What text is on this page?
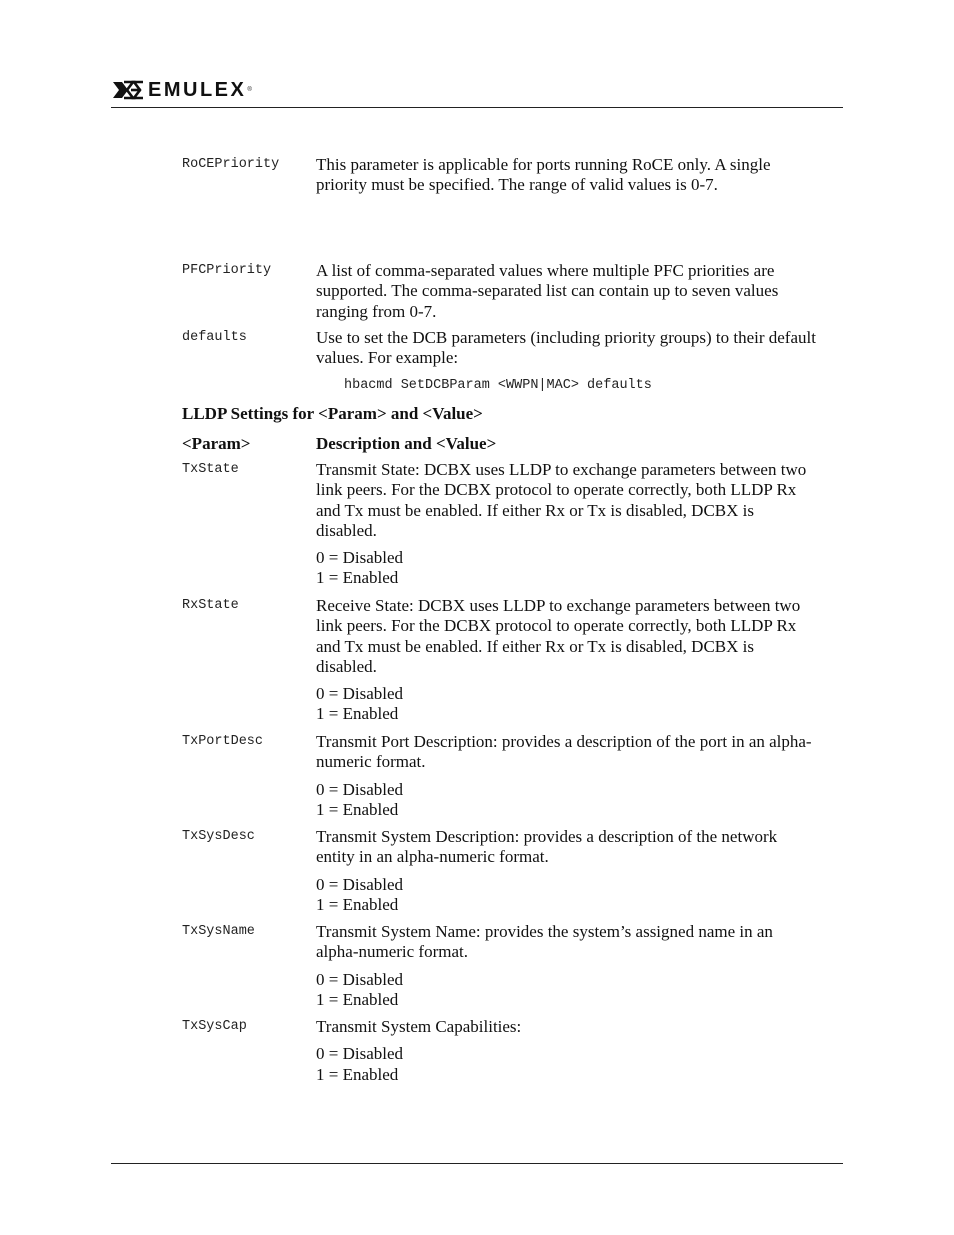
EMULEX ®
RoCEPriority This parameter is applicable for ports running RoCE only. A single priority must be specified. The range of valid values is 0-7.

PFCPriority	A list of comma-separated values where multiple PFC priorities are supported. The comma-separated list can contain up to seven values ranging from 0-7.

defaults	Use to set the DCB parameters (including priority groups) to their default values. For example:

hbacmd SetDCBParam <WWPN|MAC> defaults
LLDP Settings for <Param> and <Value>
<Param>	Description and <Value>
TxState	Transmit State: DCBX uses LLDP to exchange parameters between two link peers. For the DCBX protocol to operate correctly, both LLDP Rx and Tx must be enabled. If either Rx or Tx is disabled, DCBX is disabled.

0 = Disabled

1 = Enabled

RxState	Receive State: DCBX uses LLDP to exchange parameters between two link peers. For the DCBX protocol to operate correctly, both LLDP Rx and Tx must be enabled. If either Rx or Tx is disabled, DCBX is disabled.

0 = Disabled

1 = Enabled

TxPortDesc	Transmit Port Description: provides a description of the port in an alpha-numeric format.

0 = Disabled

1 = Enabled

TxSysDesc	Transmit System Description: provides a description of the network entity in an alpha-numeric format.

0 = Disabled

1 = Enabled

TxSysName	Transmit System Name: provides the system’s assigned name in an alpha-numeric format.

0 = Disabled

1 = Enabled

TxSysCap	Transmit System Capabilities:

0 = Disabled

1 = Enabled
